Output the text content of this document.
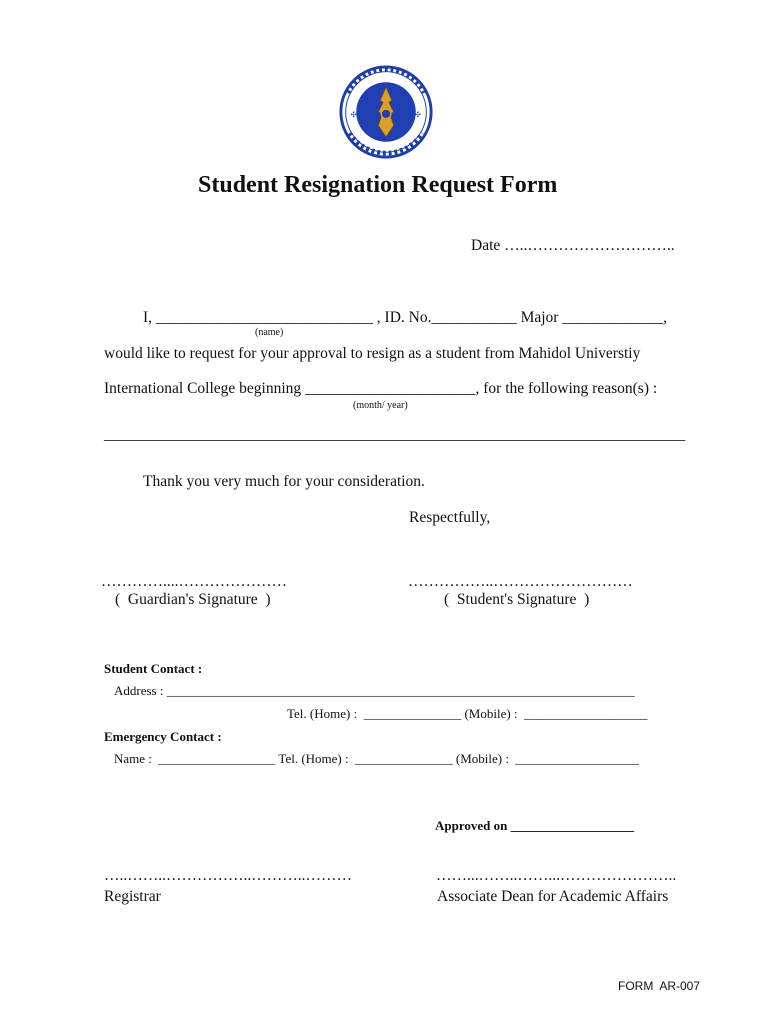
✣	✣
Student Resignation Request Form
Date …..………………………..
I, ____________________________ , ID. No.___________ Major _____________,
(name)
would like to request for your approval to resign as a student from Mahidol Universtiy
International College beginning ______________________, for the following reason(s) :
(month/ year)
___________________________________________________________________________
Thank you very much for your consideration.
Respectfully,
…………....…………………
(  Guardian's Signature  )
……………..………………………
(  Student's Signature  )
Student Contact :
Address : ________________________________________________________________________
Tel. (Home) :  _______________ (Mobile) :  ___________________
Emergency Contact :
Name :  __________________ Tel. (Home) :  _______________ (Mobile) :  ___________________
Approved on ___________________
…..……..……………..………..………	……...……..……...…………………..
Registrar	Associate Dean for Academic Affairs
FORM  AR-007
